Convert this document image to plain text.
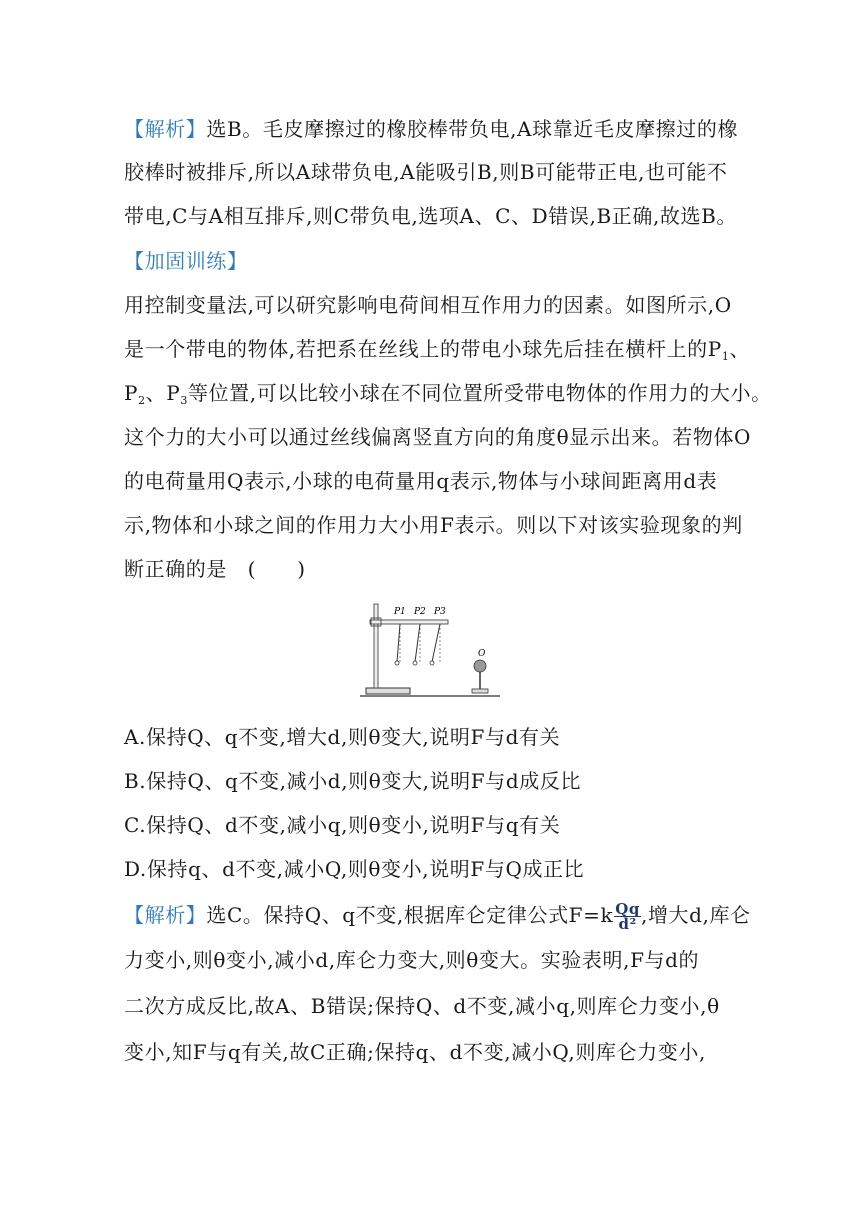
【解析】选B。毛皮摩擦过的橡胶棒带负电,A球靠近毛皮摩擦过的橡
胶棒时被排斥,所以A球带负电,A能吸引B,则B可能带正电,也可能不
带电,C与A相互排斥,则C带负电,选项A、C、D错误,B正确,故选B。
【加固训练】
用控制变量法,可以研究影响电荷间相互作用力的因素。如图所示,O
是一个带电的物体,若把系在丝线上的带电小球先后挂在横杆上的$P_1$、
$P_2$、$P_3$等位置,可以比较小球在不同位置所受带电物体的作用力的大小。
这个力的大小可以通过丝线偏离竖直方向的角度θ显示出来。若物体O
的电荷量用Q表示,小球的电荷量用q表示,物体与小球间距离用d表
示,物体和小球之间的作用力大小用F表示。则以下对该实验现象的判
断正确的是　(　　)
P1 P2 P3
O
A.保持Q、q不变,增大d,则θ变大,说明F与d有关
B.保持Q、q不变,减小d,则θ变大,说明F与d成反比
C.保持Q、d不变,减小q,则θ变小,说明F与q有关
D.保持q、d不变,减小Q,则θ变小,说明F与Q成正比
【解析】选C。保持Q、q不变,根据库仑定律公式$F=k \frac{Qq}{\text{d²}}$ ,增大d,库仑
力变小,则θ变小,减小d,库仑力变大,则θ变大。实验表明,F与d的
二次方成反比,故A、B错误;保持Q、d不变,减小q,则库仑力变小,θ
变小,知F与q有关,故C正确;保持q、d不变,减小Q,则库仑力变小,
